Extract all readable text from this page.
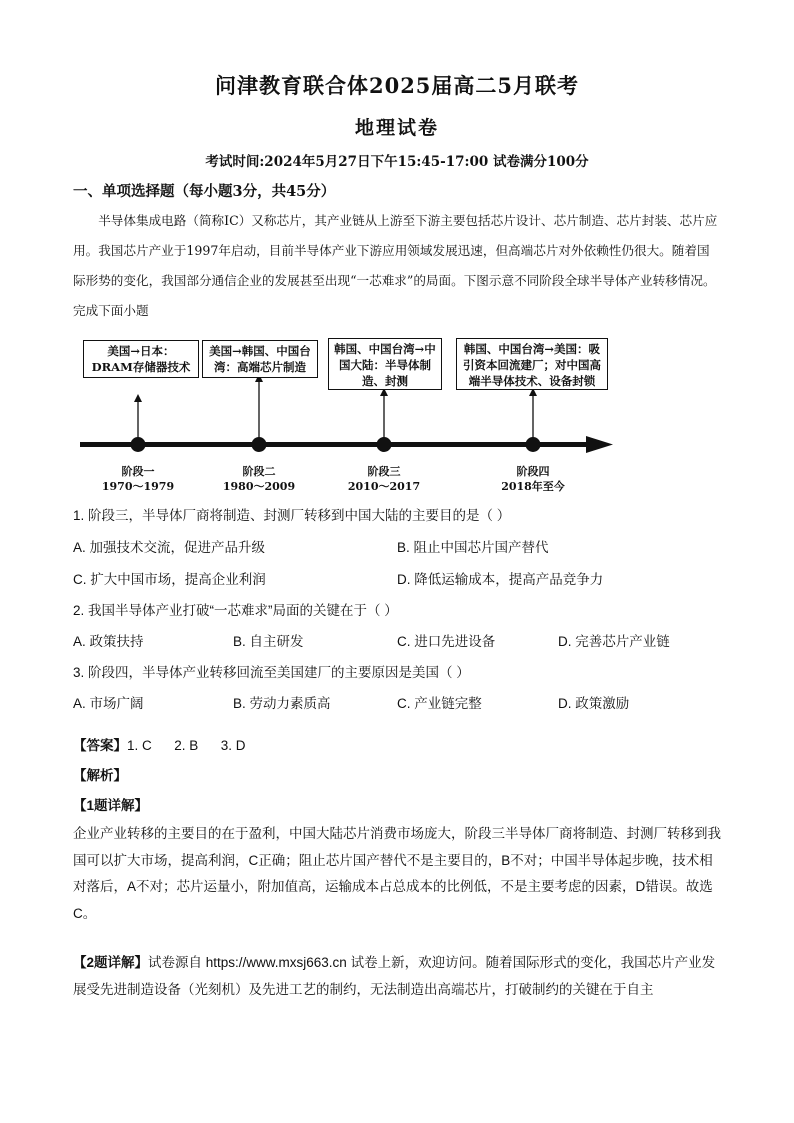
问津教育联合体2025届高二5月联考
地理试卷
考试时间:2024年5月27日下午15:45-17:00 试卷满分100分
一、单项选择题（每小题3分，共45分）

半导体集成电路（简称IC）又称芯片，其产业链从上游至下游主要包括芯片设计、芯片制造、芯片封装、芯片应用。我国芯片产业于1997年启动，目前半导体产业下游应用领域发展迅速，但高端芯片对外依赖性仍很大。随着国际形势的变化，我国部分通信企业的发展甚至出现“一芯难求”的局面。下图示意不同阶段全球半导体产业转移情况。完成下面小题

美国→日本：DRAM存储器技术
美国→韩国、中国台湾：高端芯片制造
韩国、中国台湾→中国大陆：半导体制造、封测
韩国、中国台湾→美国：吸引资本回流建厂；对中国高端半导体技术、设备封锁
阶段一
1970～1979
阶段二
1980～2009
阶段三
2010～2017
阶段四
2018年至今
1. 阶段三，半导体厂商将制造、封测厂转移到中国大陆的主要目的是（ ）
A. 加强技术交流，促进产品升级	B. 阻止中国芯片国产替代
C. 扩大中国市场，提高企业利润	D. 降低运输成本，提高产品竞争力
2. 我国半导体产业打破“一芯难求”局面的关键在于（ ）
A. 政策扶持	B. 自主研发	C. 进口先进设备	D. 完善芯片产业链
3. 阶段四，半导体产业转移回流至美国建厂的主要原因是美国（ ）
A. 市场广阔	B. 劳动力素质高	C. 产业链完整	D. 政策激励
【答案】1. C      2. B      3. D
【解析】
【1题详解】

企业产业转移的主要目的在于盈利，中国大陆芯片消费市场庞大，阶段三半导体厂商将制造、封测厂转移到我国可以扩大市场，提高利润，C正确；阻止芯片国产替代不是主要目的，B不对；中国半导体起步晚，技术相对落后，A不对；芯片运量小，附加值高，运输成本占总成本的比例低，不是主要考虑的因素，D错误。故选C。

【2题详解】试卷源自 https://www.mxsj663.cn 试卷上新，欢迎访问。随着国际形式的变化，我国芯片产业发展受先进制造设备（光刻机）及先进工艺的制约，无法制造出高端芯片，打破制约的关键在于自主
